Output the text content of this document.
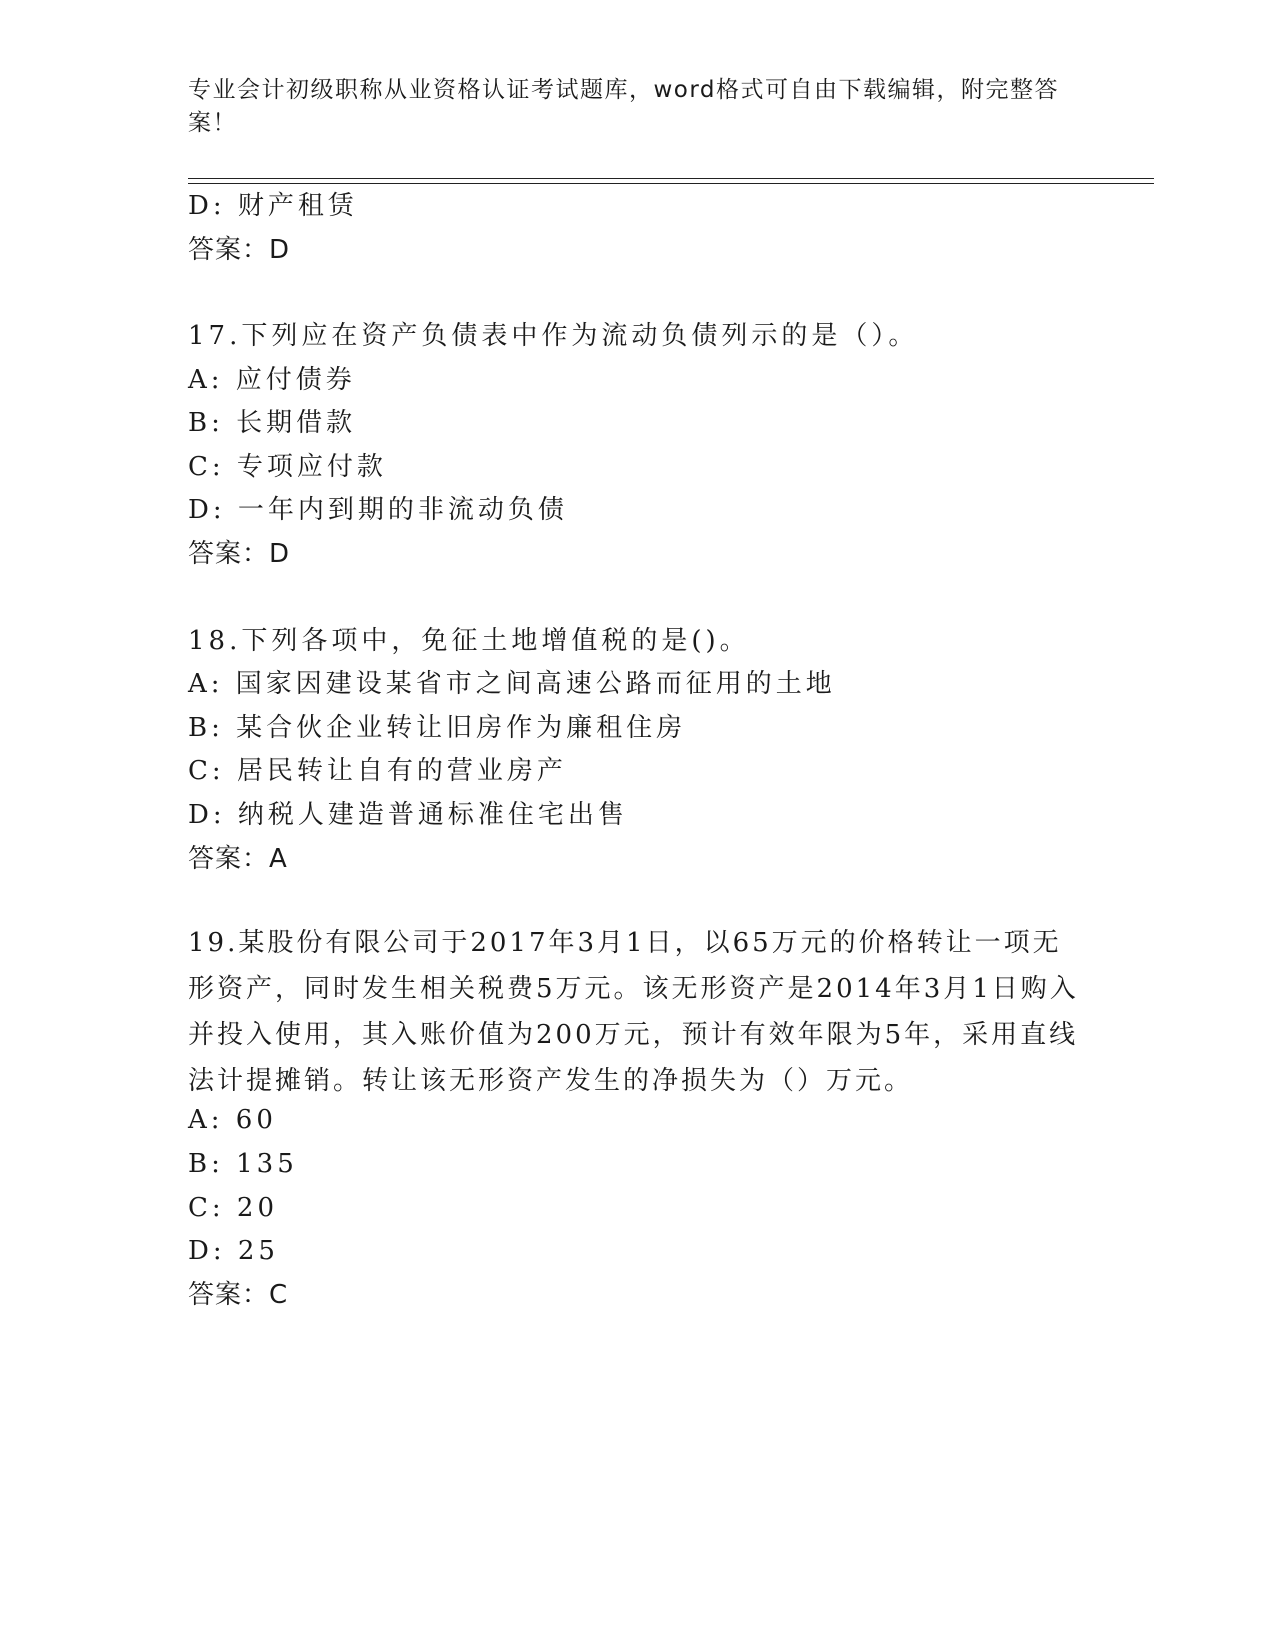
专业会计初级职称从业资格认证考试题库，word格式可自由下载编辑，附完整答案！
D: 财产租赁
答案：D
17.下列应在资产负债表中作为流动负债列示的是（）。
A: 应付债券
B: 长期借款
C: 专项应付款
D: 一年内到期的非流动负债
答案：D
18.下列各项中，免征土地增值税的是()。
A: 国家因建设某省市之间高速公路而征用的土地
B: 某合伙企业转让旧房作为廉租住房
C: 居民转让自有的营业房产
D: 纳税人建造普通标准住宅出售
答案：A
19.某股份有限公司于2017年3月1日，以65万元的价格转让一项无形资产，同时发生相关税费5万元。该无形资产是2014年3月1日购入并投入使用，其入账价值为200万元，预计有效年限为5年，采用直线法计提摊销。转让该无形资产发生的净损失为（）万元。
A: 60
B: 135
C: 20
D: 25
答案：C
